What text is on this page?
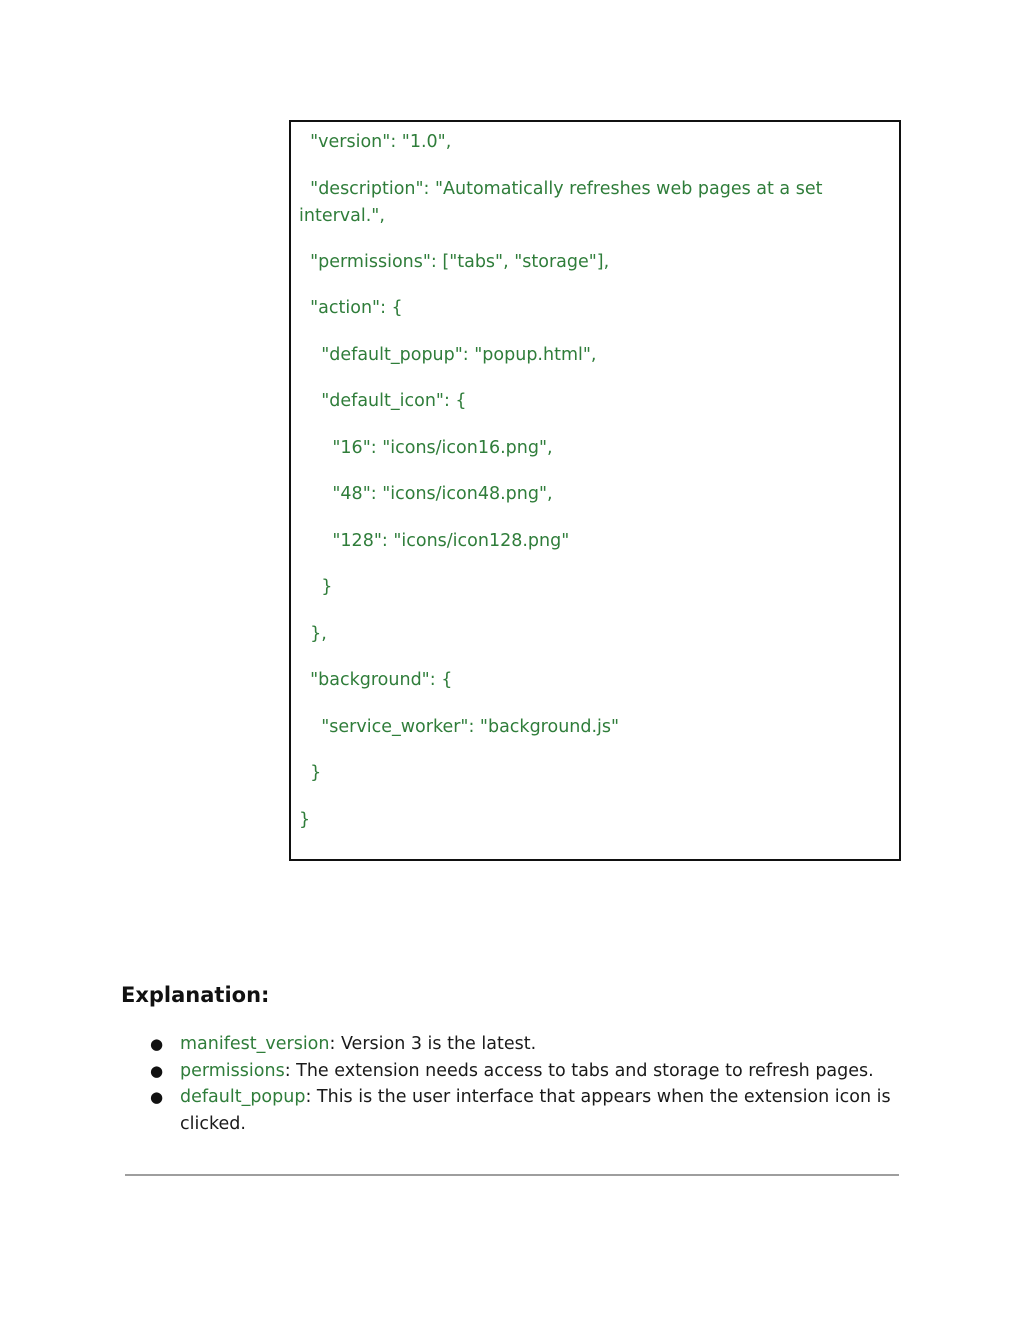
"version": "1.0",
"description": "Automatically refreshes web pages at a set
interval.",
"permissions": ["tabs", "storage"],
"action": {
"default_popup": "popup.html",
"default_icon": {
"16": "icons/icon16.png",
"48": "icons/icon48.png",
"128": "icons/icon128.png"
}
},
"background": {
"service_worker": "background.js"
}
}
Explanation:
● manifest_version: Version 3 is the latest.
● permissions: The extension needs access to tabs and storage to refresh pages.
● default_popup: This is the user interface that appears when the extension icon is clicked.
